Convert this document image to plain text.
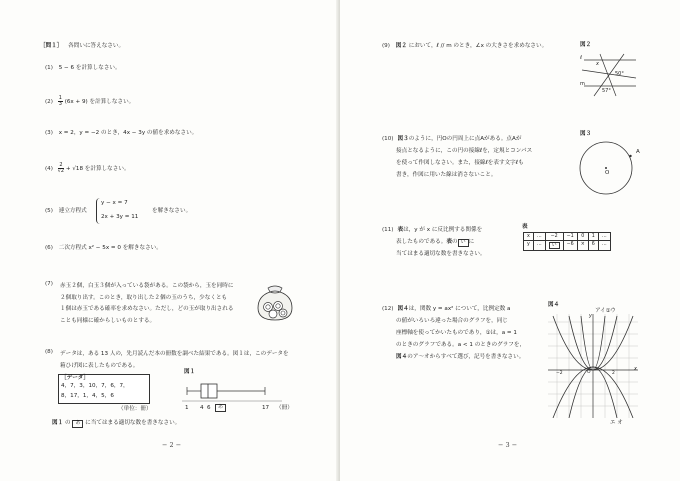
［問１］ 各問いに答えなさい。
(1) 5 − 6 を計算しなさい。
$(2) \frac{1}{3} (6x + 9)$ を計算しなさい。
(3) x = 2，y = −2 のとき，4x − 3y の値を求めなさい。
$(4) \frac{2}{√2} + √18$ を計算しなさい。
(5) 連立方程式
y − x = 7
2x + 3y = 11
を解きなさい。
(6) 二次方程式 x² − 5x = 0 を解きなさい。
(7) 赤玉２個，白玉３個が入っている袋がある。この袋から，玉を同時に
２個取り出す。このとき，取り出した２個の玉のうち，少なくとも
１個は赤玉である確率を求めなさい。ただし，どの玉が取り出される
ことも同様に確からしいものとする。
(8) データは，ある 13 人の，先月読んだ本の冊数を調べた結果である。図１は，このデータを
箱ひげ図に表したものである。
［データ］
4，7，3，10，7，6，7，
8，17，1，4，5，6
（単位：冊）
図１
1 4 6	あ	17 （冊）
図１ の あ に当てはまる適切な数を書きなさい。
− 2 −
(9) 図２ において，ℓ // m のとき，∠x の大きさを求めなさい。	図２
ℓ
m
x
50°
57°
(10) 図３のように，円Oの円周上に点Aがある。点Aが
接点となるように，この円の接線ℓを，定規とコンパス
を使って作図しなさい。また，接線ℓを表す文字ℓも
書き，作図に用いた線は消さないこと。
図３
A
O
(11) 表は，y が x に反比例する関係を
表したものである。表の い に
当てはまる適切な数を書きなさい。
表
x	…	−2	−1	0	1	…
y	…	い	−6	×	6	…
(12) 図４は，関数 y = ax² について，比例定数 a
の値がいろいろ違った場合のグラフを，同じ
座標軸を使ってかいたものであり，①は，a = 1
のときのグラフである。a < 1 のときのグラフを，
図４のア〜オからすべて選び，記号を書きなさい。
図４
アイ①ウ
y
x
2
−2	O
エ オ
− 3 −
